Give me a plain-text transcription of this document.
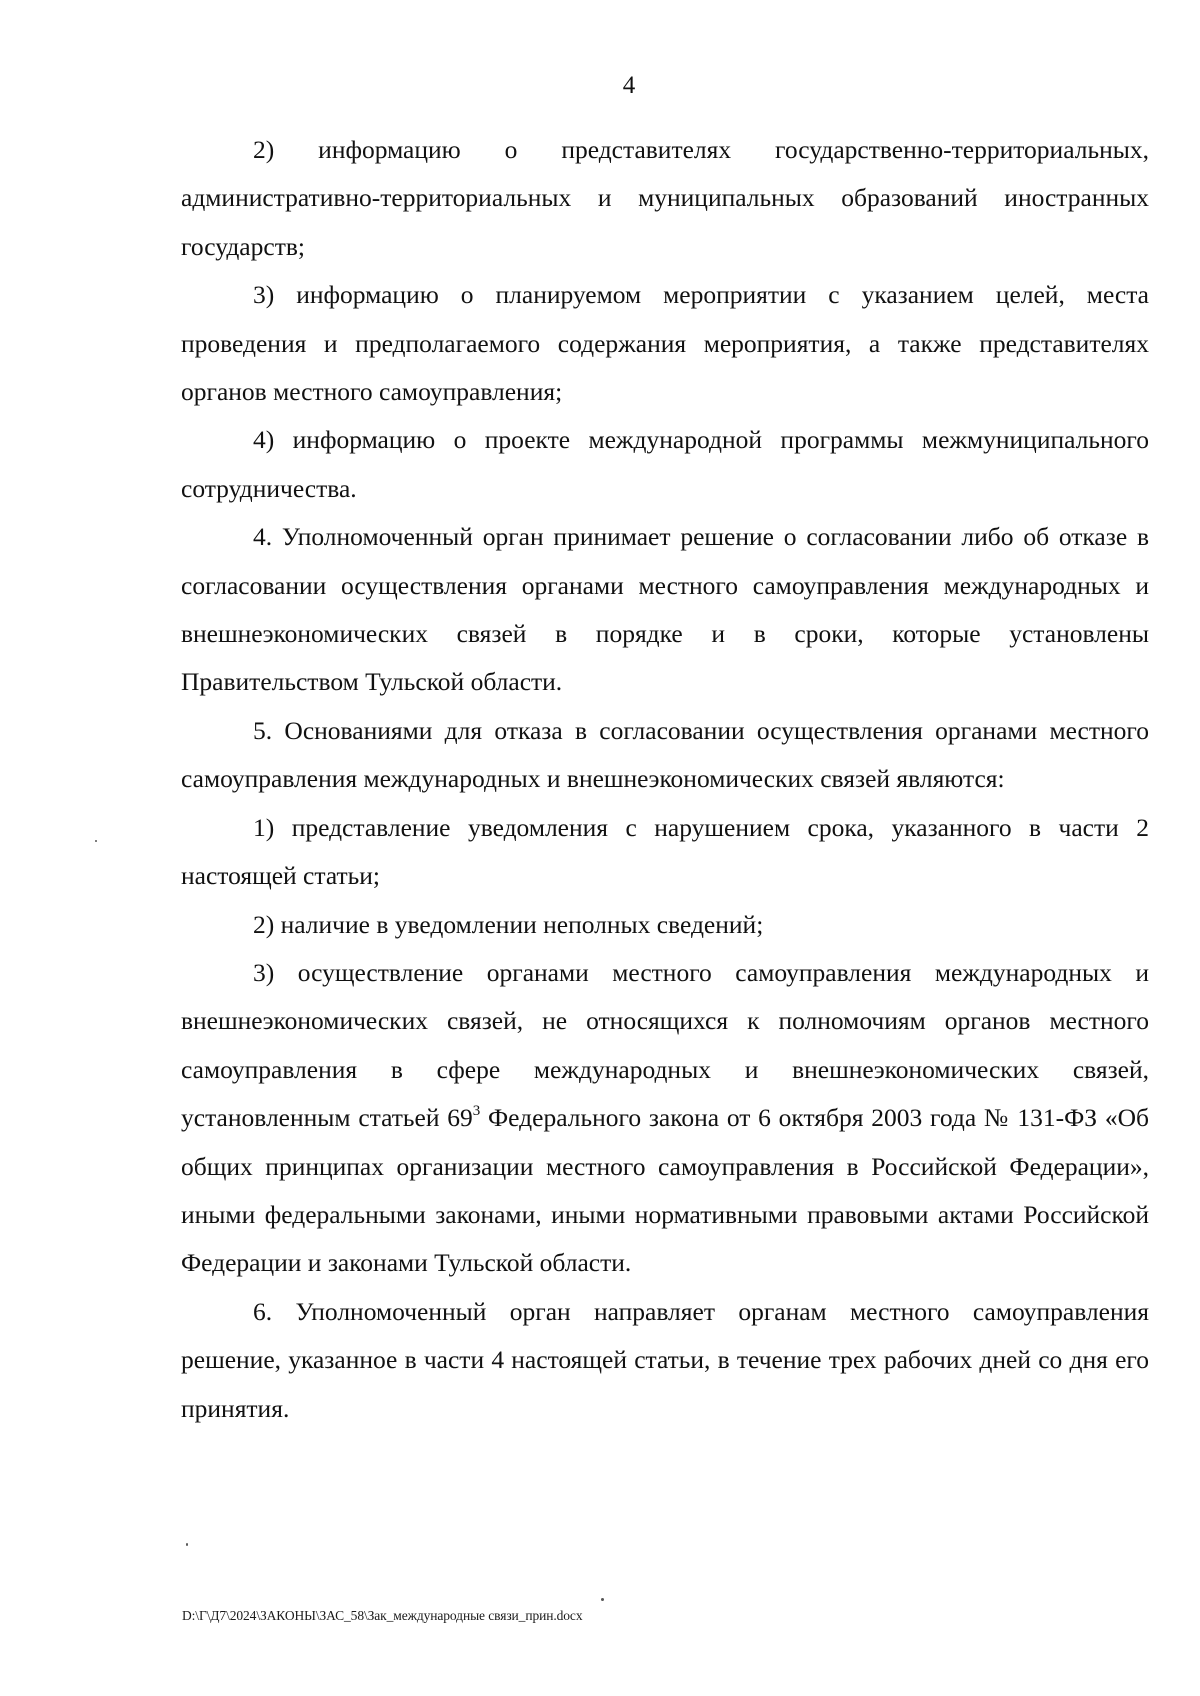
4

2) информацию о представителях государственно-территориальных, административно-территориальных и муниципальных образований иностранных государств;

3) информацию о планируемом мероприятии с указанием целей, места проведения и предполагаемого содержания мероприятия, а также представителях органов местного самоуправления;

4) информацию о проекте международной программы межмуниципального сотрудничества.

4. Уполномоченный орган принимает решение о согласовании либо об отказе в согласовании осуществления органами местного самоуправления международных и внешнеэкономических связей в порядке и в сроки, которые установлены Правительством Тульской области.

5. Основаниями для отказа в согласовании осуществления органами местного самоуправления международных и внешнеэкономических связей являются:

1) представление уведомления с нарушением срока, указанного в части 2 настоящей статьи;

2) наличие в уведомлении неполных сведений;

3) осуществление органами местного самоуправления международных и внешнеэкономических связей, не относящихся к полномочиям органов местного самоуправления в сфере международных и внешнеэкономических связей, установленным статьей $69^3$ Федерального закона от 6 октября 2003 года № 131-ФЗ «Об общих принципах организации местного самоуправления в Российской Федерации», иными федеральными законами, иными нормативными правовыми актами Российской Федерации и законами Тульской области.

6. Уполномоченный орган направляет органам местного самоуправления решение, указанное в части 4 настоящей статьи, в течение трех рабочих дней со дня его принятия.

D:\Г\Д7\2024\ЗАКОНЫ\ЗАС_58\Зак_международные связи_прин.docx
